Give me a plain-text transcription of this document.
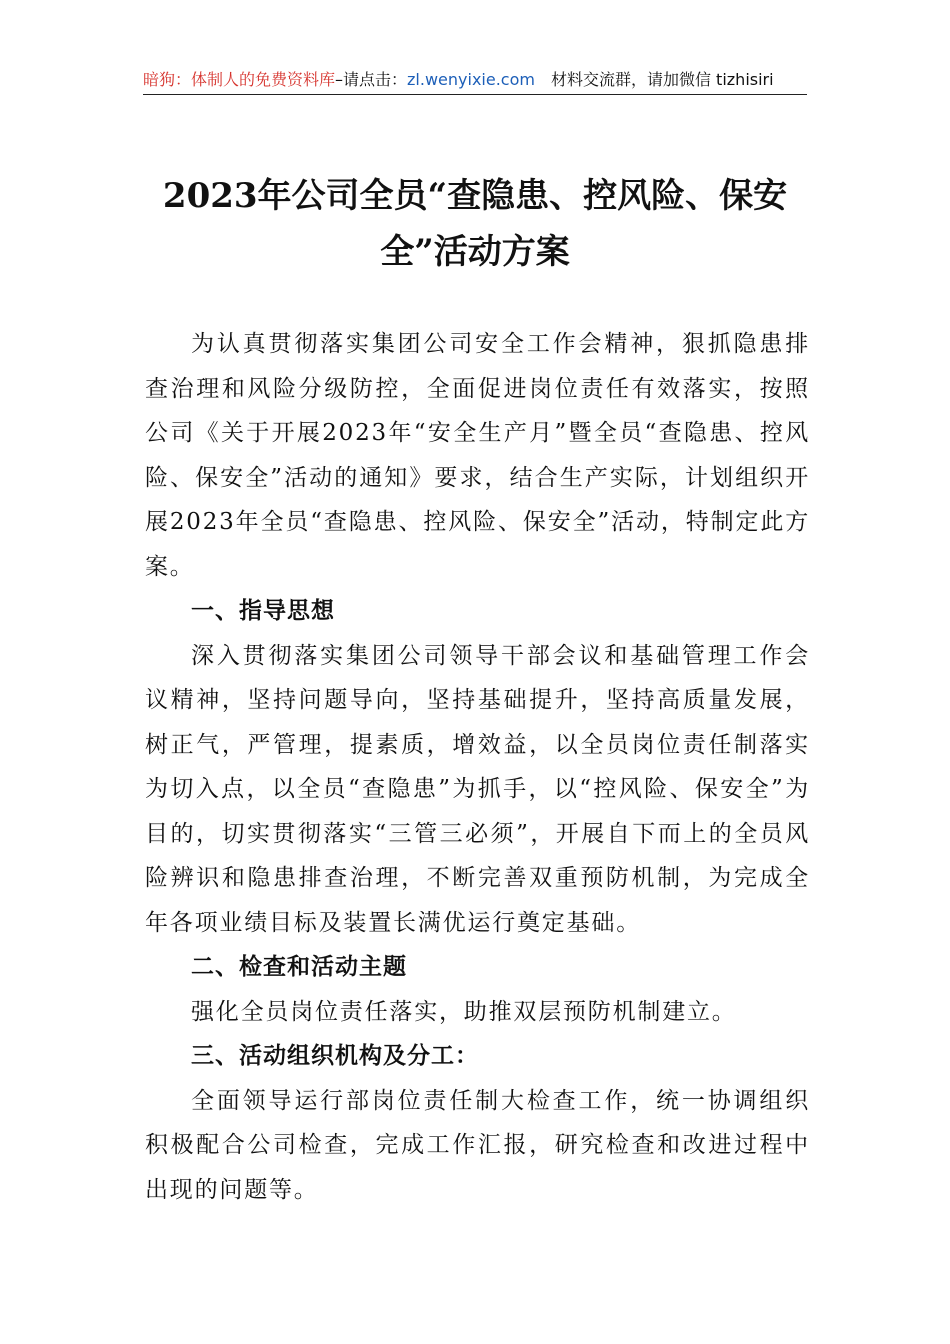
暗狗：体制人的免费资料库–请点击：zl.wenyixie.com 材料交流群，请加微信 tizhisiri
2023年公司全员“查隐患、控风险、保安全”活动方案

为认真贯彻落实集团公司安全工作会精神，狠抓隐患排查治理和风险分级防控，全面促进岗位责任有效落实，按照公司《关于开展2023年“安全生产月”暨全员“查隐患、控风险、保安全”活动的通知》要求，结合生产实际，计划组织开展2023年全员“查隐患、控风险、保安全”活动，特制定此方案。

一、指导思想

深入贯彻落实集团公司领导干部会议和基础管理工作会议精神，坚持问题导向，坚持基础提升，坚持高质量发展，树正气，严管理，提素质，增效益，以全员岗位责任制落实为切入点，以全员“查隐患”为抓手，以“控风险、保安全”为目的，切实贯彻落实“三管三必须”，开展自下而上的全员风险辨识和隐患排查治理，不断完善双重预防机制，为完成全年各项业绩目标及装置长满优运行奠定基础。

二、检查和活动主题

强化全员岗位责任落实，助推双层预防机制建立。

三、活动组织机构及分工：

全面领导运行部岗位责任制大检查工作，统一协调组织积极配合公司检查，完成工作汇报，研究检查和改进过程中出现的问题等。
